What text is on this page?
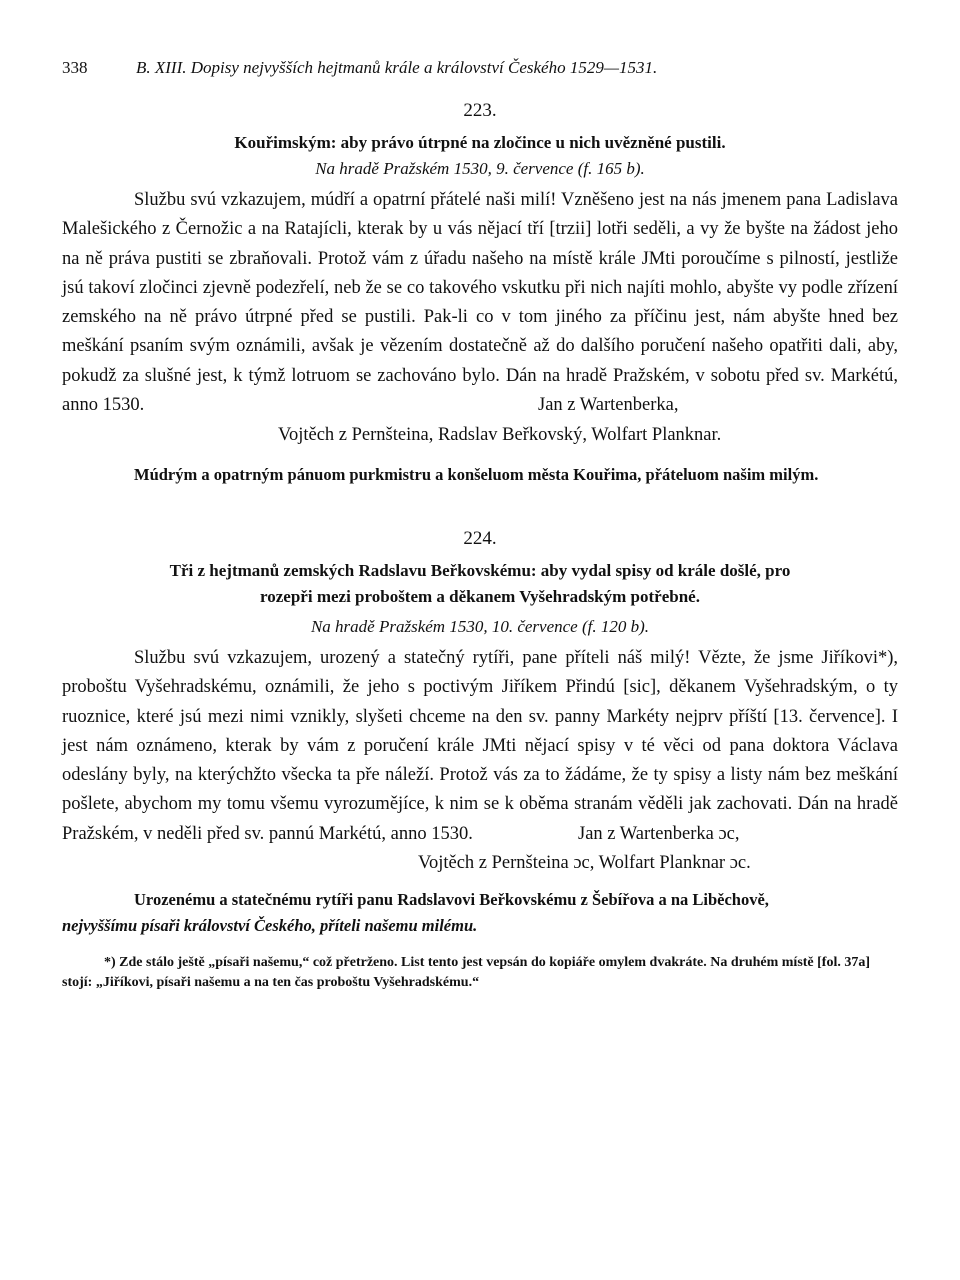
338	B. XIII. Dopisy nejvyšších hejtmanů krále a království Českého 1529—1531.
223.
Kouřimským: aby právo útrpné na zločince u nich uvězněné pustili.
Na hradě Pražském 1530, 9. července (f. 165 b).

Službu svú vzkazujem, múdří a opatrní přátelé naši milí! Vzněšeno jest na nás jmenem pana Ladislava Malešického z Černožic a na Ratajícli, kterak by u vás nějací tří [trzii] lotři seděli, a vy že byšte na žádost jeho na ně práva pustiti se zbraňovali. Protož vám z úřadu našeho na místě krále JMti poroučíme s pilností, jestliže jsú takoví zločinci zjevně podezřelí, neb že se co takového vskutku při nich najíti mohlo, abyšte vy podle zřízení zemského na ně právo útrpné před se pustili. Pak-li co v tom jiného za příčinu jest, nám abyšte hned bez meškání psaním svým oznámili, avšak je vězením dostatečně až do dalšího poručení našeho opatřiti dali, aby, pokudž za slušné jest, k týmž lotruom se zachováno bylo. Dán na hradě Pražském, v sobotu před sv. Markétú, anno 1530.	Jan z Wartenberka,
Vojtěch z Pernšteina, Radslav Beřkovský, Wolfart Planknar.

Múdrým a opatrným pánuom purkmistru a konšeluom města Kouřima, přáteluom našim milým.

224.
Tři z hejtmanů zemských Radslavu Beřkovskému: aby vydal spisy od krále došlé, pro
rozepři mezi proboštem a děkanem Vyšehradským potřebné.
Na hradě Pražském 1530, 10. července (f. 120 b).

Službu svú vzkazujem, urozený a statečný rytíři, pane příteli náš milý! Vězte, že jsme Jiříkovi*), proboštu Vyšehradskému, oznámili, že jeho s poctivým Jiříkem Přindú [sic], děkanem Vyšehradským, o ty ruoznice, které jsú mezi nimi vznikly, slyšeti chceme na den sv. panny Markéty nejprv příští [13. července]. I jest nám oznámeno, kterak by vám z poručení krále JMti nějací spisy v té věci od pana doktora Václava odeslány byly, na kterýchžto všecka ta pře náleží. Protož vás za to žádáme, že ty spisy a listy nám bez meškání pošlete, abychom my tomu všemu vyrozumějíce, k nim se k oběma stranám věděli jak zachovati. Dán na hradě Pražském, v neděli před sv. pannú Markétú, anno 1530.	Jan z Wartenberka ɔc,
Vojtěch z Pernšteina ɔc, Wolfart Planknar ɔc.

Urozenému a statečnému rytíři panu Radslavovi Beřkovskému z Šebířova a na Liběchově,

nejvyššímu písaři království Českého, příteli našemu milému.

*) Zde stálo ještě „písaři našemu,“ což přetrženo. List tento jest vepsán do kopiáře omylem dvakráte. Na druhém místě [fol. 37a] stojí: „Jiříkovi, písaři našemu a na ten čas proboštu Vyšehradskému.“
